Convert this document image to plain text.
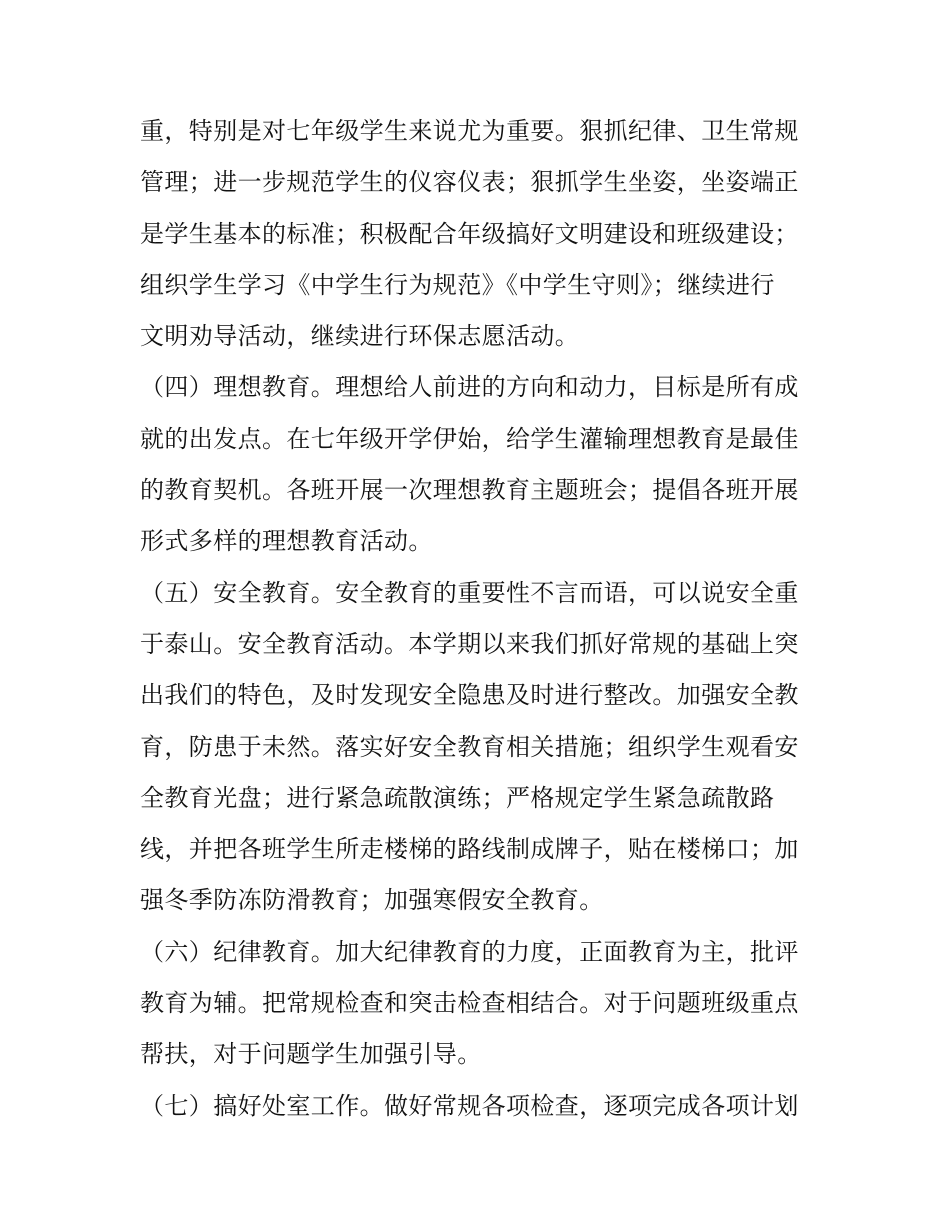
重，特别是对七年级学生来说尤为重要。狠抓纪律、卫生常规
管理；进一步规范学生的仪容仪表；狠抓学生坐姿，坐姿端正
是学生基本的标准；积极配合年级搞好文明建设和班级建设；
组织学生学习《中学生行为规范》《中学生守则》；继续进行
文明劝导活动，继续进行环保志愿活动。
（四）理想教育。理想给人前进的方向和动力，目标是所有成
就的出发点。在七年级开学伊始，给学生灌输理想教育是最佳
的教育契机。各班开展一次理想教育主题班会；提倡各班开展
形式多样的理想教育活动。
（五）安全教育。安全教育的重要性不言而语，可以说安全重
于泰山。安全教育活动。本学期以来我们抓好常规的基础上突
出我们的特色，及时发现安全隐患及时进行整改。加强安全教
育，防患于未然。落实好安全教育相关措施；组织学生观看安
全教育光盘；进行紧急疏散演练；严格规定学生紧急疏散路
线，并把各班学生所走楼梯的路线制成牌子，贴在楼梯口；加
强冬季防冻防滑教育；加强寒假安全教育。
（六）纪律教育。加大纪律教育的力度，正面教育为主，批评
教育为辅。把常规检查和突击检查相结合。对于问题班级重点
帮扶，对于问题学生加强引导。
（七）搞好处室工作。做好常规各项检查，逐项完成各项计划
